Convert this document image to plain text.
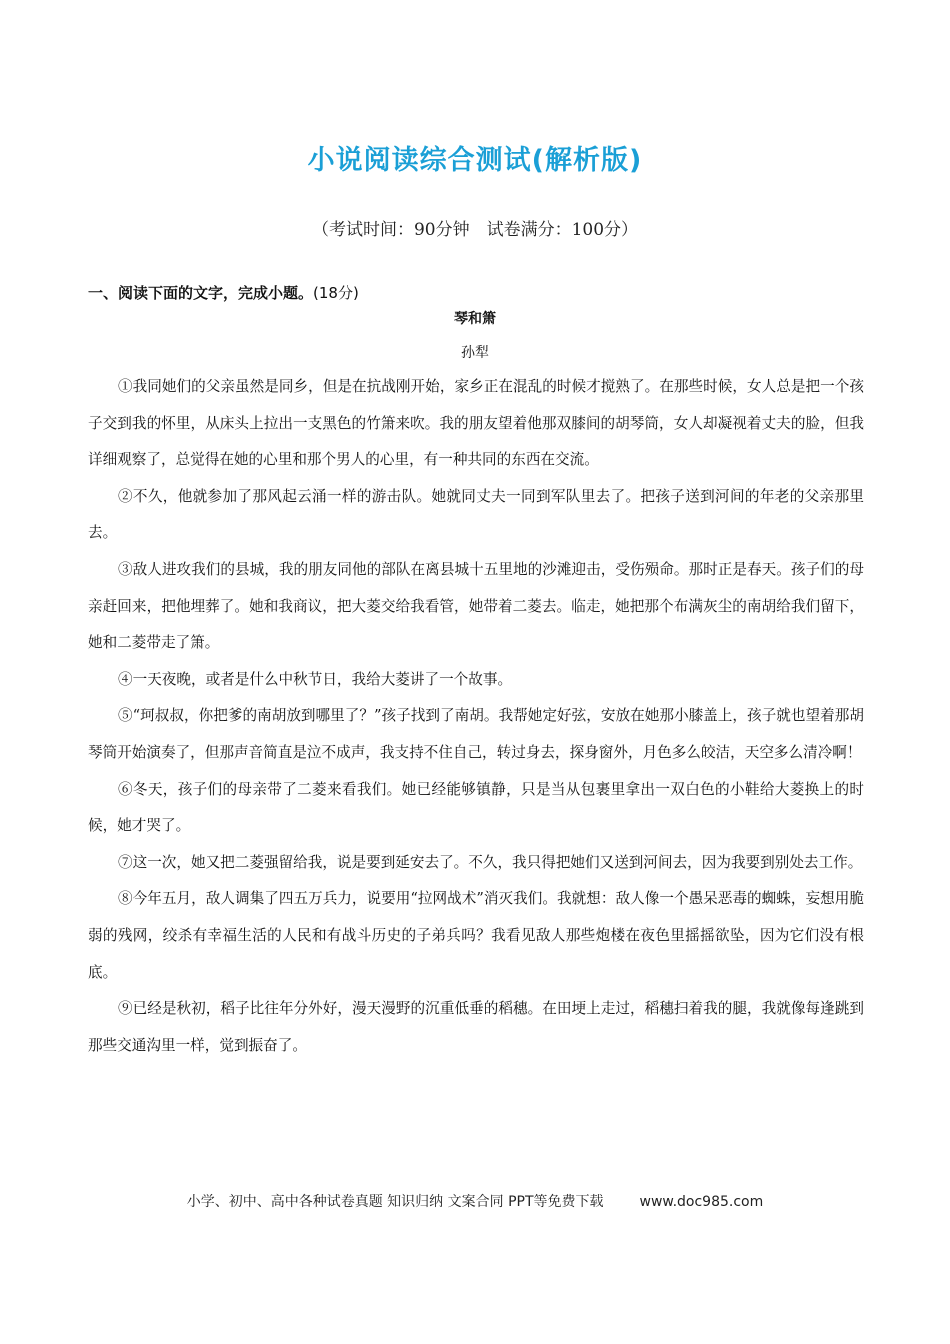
小说阅读综合测试(解析版)
（考试时间：90分钟　试卷满分：100分）
一、阅读下面的文字，完成小题。(18分)
琴和箫
孙犁

①我同她们的父亲虽然是同乡，但是在抗战刚开始，家乡正在混乱的时候才搅熟了。在那些时候，女人总是把一个孩子交到我的怀里，从床头上拉出一支黑色的竹箫来吹。我的朋友望着他那双膝间的胡琴筒，女人却凝视着丈夫的脸，但我详细观察了，总觉得在她的心里和那个男人的心里，有一种共同的东西在交流。

②不久，他就参加了那风起云涌一样的游击队。她就同丈夫一同到军队里去了。把孩子送到河间的年老的父亲那里去。

③敌人进攻我们的县城，我的朋友同他的部队在离县城十五里地的沙滩迎击，受伤殒命。那时正是春天。孩子们的母亲赶回来，把他埋葬了。她和我商议，把大菱交给我看管，她带着二菱去。临走，她把那个布满灰尘的南胡给我们留下，她和二菱带走了箫。

④一天夜晚，或者是什么中秋节日，我给大菱讲了一个故事。

⑤“珂叔叔，你把爹的南胡放到哪里了？”孩子找到了南胡。我帮她定好弦，安放在她那小膝盖上，孩子就也望着那胡琴筒开始演奏了，但那声音简直是泣不成声，我支持不住自己，转过身去，探身窗外，月色多么皎洁，天空多么清冷啊！

⑥冬天，孩子们的母亲带了二菱来看我们。她已经能够镇静，只是当从包裹里拿出一双白色的小鞋给大菱换上的时候，她才哭了。

⑦这一次，她又把二菱强留给我，说是要到延安去了。不久，我只得把她们又送到河间去，因为我要到别处去工作。

⑧今年五月，敌人调集了四五万兵力，说要用“拉网战术”消灭我们。我就想：敌人像一个愚呆恶毒的蜘蛛，妄想用脆弱的残网，绞杀有幸福生活的人民和有战斗历史的子弟兵吗？我看见敌人那些炮楼在夜色里摇摇欲坠，因为它们没有根底。

⑨已经是秋初，稻子比往年分外好，漫天漫野的沉重低垂的稻穗。在田埂上走过，稻穗扫着我的腿，我就像每逢跳到那些交通沟里一样，觉到振奋了。

小学、初中、高中各种试卷真题 知识归纳 文案合同 PPT等免费下载	www.doc985.com
